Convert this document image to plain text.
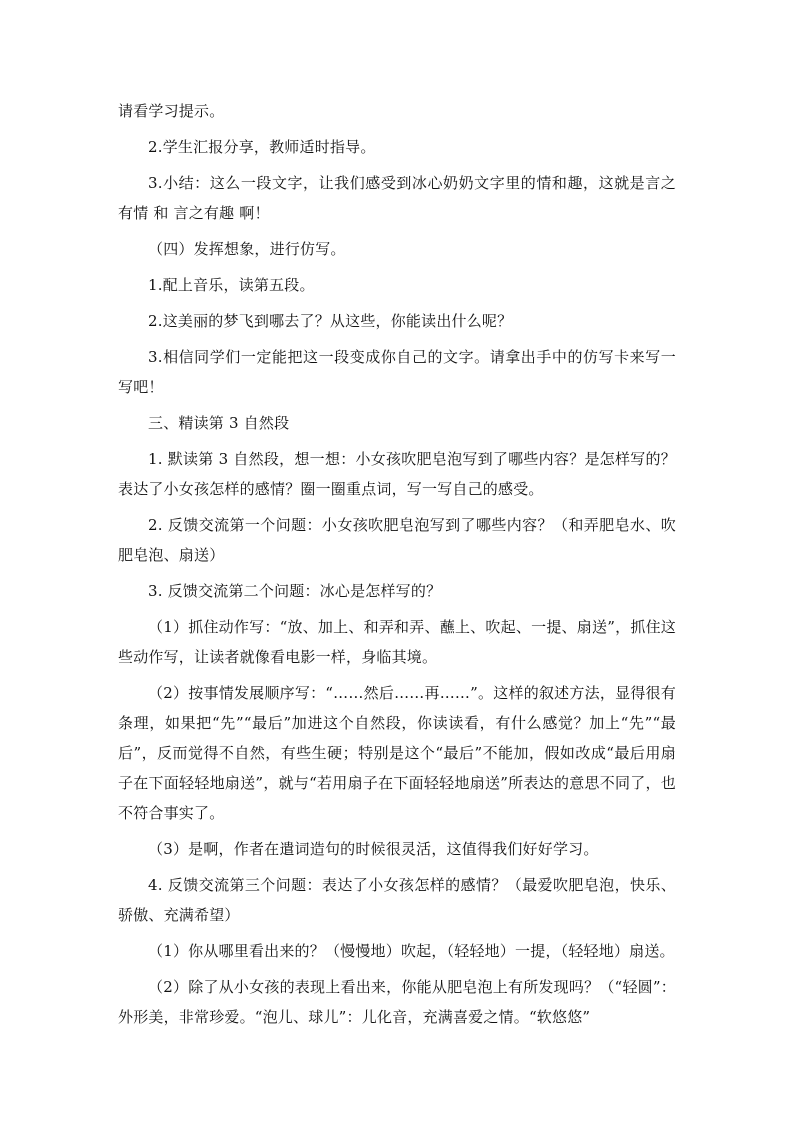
请看学习提示。

2.学生汇报分享，教师适时指导。

3.小结：这么一段文字，让我们感受到冰心奶奶文字里的情和趣，这就是言之有情 和 言之有趣 啊！

（四）发挥想象，进行仿写。

1.配上音乐，读第五段。

2.这美丽的梦飞到哪去了？从这些，你能读出什么呢？

3.相信同学们一定能把这一段变成你自己的文字。请拿出手中的仿写卡来写一写吧！

三、精读第 3 自然段

1. 默读第 3 自然段，想一想：小女孩吹肥皂泡写到了哪些内容？是怎样写的？表达了小女孩怎样的感情？圈一圈重点词，写一写自己的感受。

2. 反馈交流第一个问题：小女孩吹肥皂泡写到了哪些内容？（和弄肥皂水、吹肥皂泡、扇送）

3. 反馈交流第二个问题：冰心是怎样写的？

（1）抓住动作写：“放、加上、和弄和弄、蘸上、吹起、一提、扇送”，抓住这些动作写，让读者就像看电影一样，身临其境。

（2）按事情发展顺序写：“……然后……再……”。这样的叙述方法，显得很有条理，如果把“先”“最后”加进这个自然段，你读读看，有什么感觉？加上“先”“最后”，反而觉得不自然，有些生硬；特别是这个“最后”不能加，假如改成“最后用扇子在下面轻轻地扇送”，就与“若用扇子在下面轻轻地扇送”所表达的意思不同了，也不符合事实了。

（3）是啊，作者在遣词造句的时候很灵活，这值得我们好好学习。

4. 反馈交流第三个问题：表达了小女孩怎样的感情？（最爱吹肥皂泡，快乐、骄傲、充满希望）

（1）你从哪里看出来的？（慢慢地）吹起，（轻轻地）一提，（轻轻地）扇送。

（2）除了从小女孩的表现上看出来，你能从肥皂泡上有所发现吗？（“轻圆”：外形美，非常珍爱。“泡儿、球儿”：儿化音，充满喜爱之情。“软悠悠”
